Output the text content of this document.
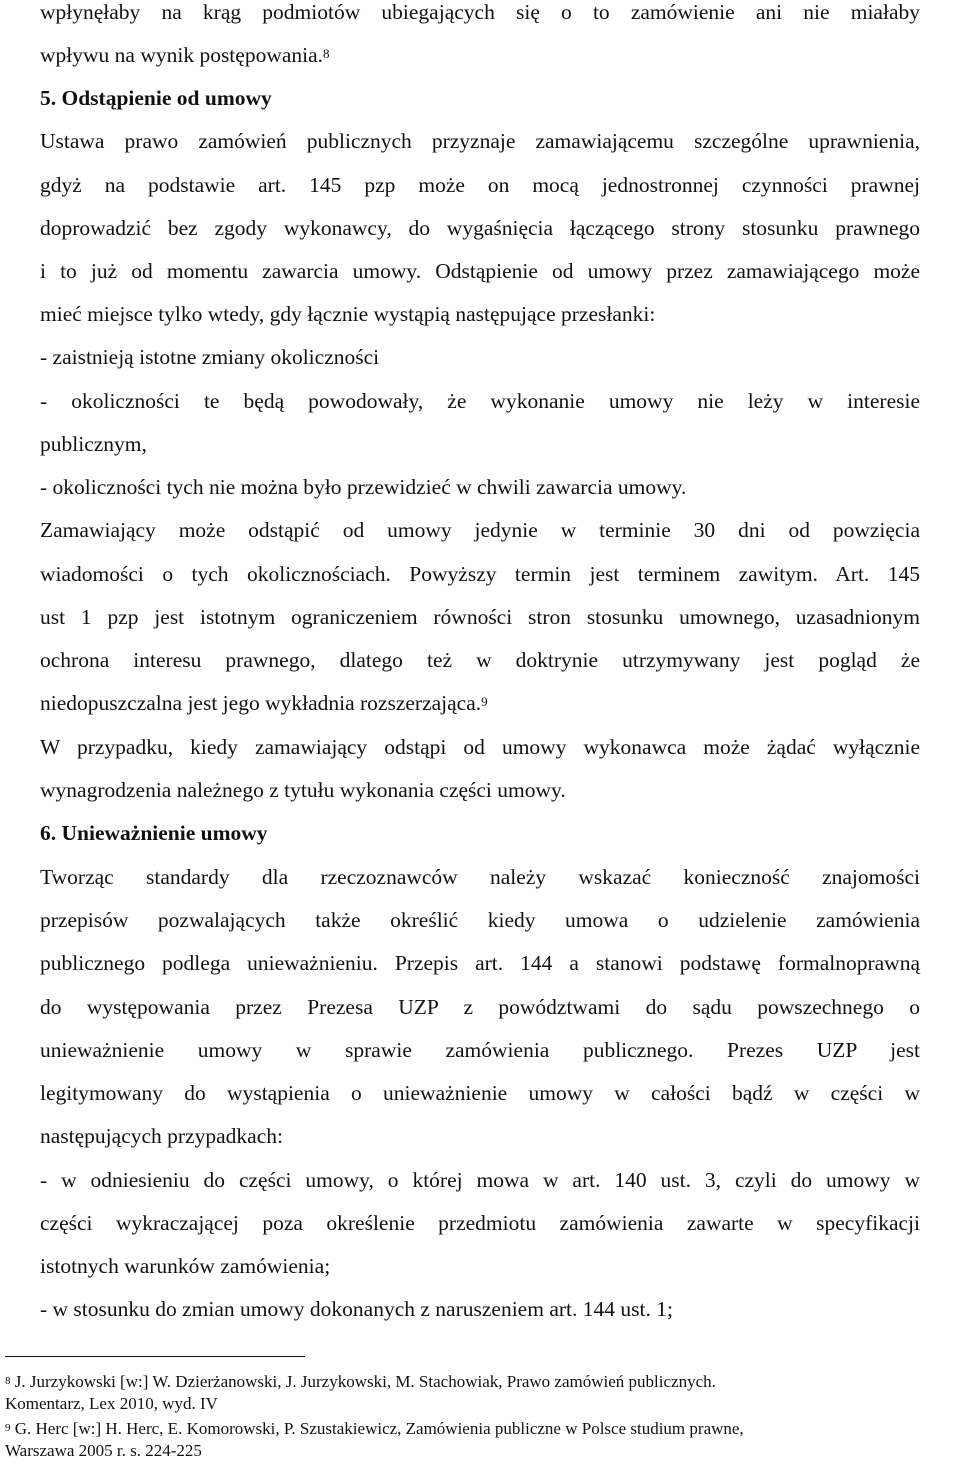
wpłynęłaby na krąg podmiotów ubiegających się o to zamówienie ani nie miałaby
wpływu na wynik postępowania.$^8$
5. Odstąpienie od umowy
Ustawa prawo zamówień publicznych przyznaje zamawiającemu szczególne uprawnienia,
gdyż na podstawie art. 145 pzp może on mocą jednostronnej czynności prawnej
doprowadzić bez zgody wykonawcy, do wygaśnięcia łączącego strony stosunku prawnego
i to już od momentu zawarcia umowy. Odstąpienie od umowy przez zamawiającego może
mieć miejsce tylko wtedy, gdy łącznie wystąpią następujące przesłanki:
- zaistnieją istotne zmiany okoliczności
- okoliczności te będą powodowały, że wykonanie umowy nie leży w interesie
publicznym,
- okoliczności tych nie można było przewidzieć w chwili zawarcia umowy.
Zamawiający może odstąpić od umowy jedynie w terminie 30 dni od powzięcia
wiadomości o tych okolicznościach. Powyższy termin jest terminem zawitym. Art. 145
ust 1 pzp jest istotnym ograniczeniem równości stron stosunku umownego, uzasadnionym
ochrona interesu prawnego, dlatego też w doktrynie utrzymywany jest pogląd że
niedopuszczalna jest jego wykładnia rozszerzająca.$^9$
W przypadku, kiedy zamawiający odstąpi od umowy wykonawca może żądać wyłącznie
wynagrodzenia należnego z tytułu wykonania części umowy.
6. Unieważnienie umowy
Tworząc standardy dla rzeczoznawców należy wskazać konieczność znajomości
przepisów pozwalających także określić kiedy umowa o udzielenie zamówienia
publicznego podlega unieważnieniu. Przepis art. 144 a stanowi podstawę formalnoprawną
do występowania przez Prezesa UZP z powództwami do sądu powszechnego o
unieważnienie umowy w sprawie zamówienia publicznego. Prezes UZP jest
legitymowany do wystąpienia o unieważnienie umowy w całości bądź w części w
następujących przypadkach:
- w odniesieniu do części umowy, o której mowa w art. 140 ust. 3, czyli do umowy w
części wykraczającej poza określenie przedmiotu zamówienia zawarte w specyfikacji
istotnych warunków zamówienia;
- w stosunku do zmian umowy dokonanych z naruszeniem art. 144 ust. 1;
$^8$ J. Jurzykowski [w:] W. Dzierżanowski, J. Jurzykowski, M. Stachowiak, Prawo zamówień publicznych.
Komentarz, Lex 2010, wyd. IV
$^9$ G. Herc [w:] H. Herc, E. Komorowski, P. Szustakiewicz, Zamówienia publiczne w Polsce studium prawne,
Warszawa 2005 r. s. 224-225
